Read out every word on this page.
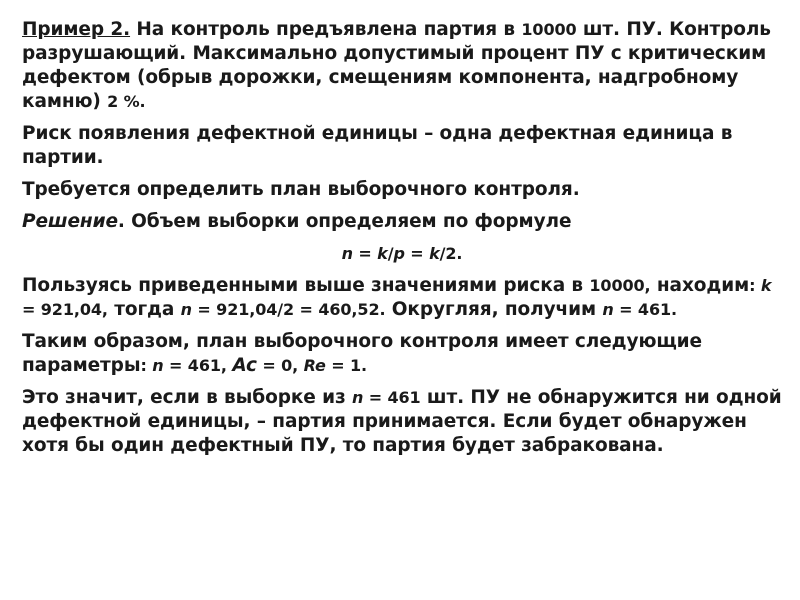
Пример 2. На контроль предъявлена партия в 10000 шт. ПУ. Контроль разрушающий. Максимально допустимый процент ПУ с критическим дефектом (обрыв дорожки, смещениям компонента, надгробному камню) 2 %.

Риск появления дефектной единицы – одна дефектная единица в партии.

Требуется определить план выборочного контроля.

Решение. Объем выборки определяем по формуле

n = k/p = k/2.

Пользуясь приведенными выше значениями риска в 10000, находим: k = 921,04, тогда n = 921,04/2 = 460,52. Округляя, получим n = 461.

Таким образом, план выборочного контроля имеет следующие параметры: n = 461, Ac = 0, Re = 1.

Это значит, если в выборке из n = 461 шт. ПУ не обнаружится ни одной дефектной единицы, – партия принимается. Если будет обнаружен хотя бы один дефектный ПУ, то партия будет забракована.
